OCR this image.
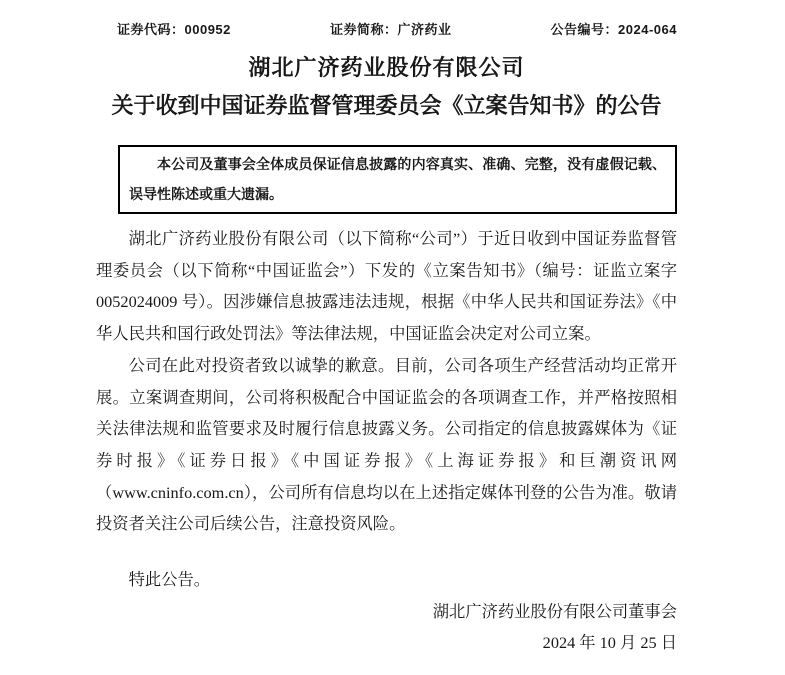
证券代码：000952	证券简称：广济药业	公告编号：2024-064
湖北广济药业股份有限公司
关于收到中国证券监督管理委员会《立案告知书》的公告

本公司及董事会全体成员保证信息披露的内容真实、准确、完整，没有虚假记载、误导性陈述或重大遗漏。

湖北广济药业股份有限公司（以下简称“公司”）于近日收到中国证券监督管理委员会（以下简称“中国证监会”）下发的《立案告知书》（编号：证监立案字 0052024009 号）。因涉嫌信息披露违法违规，根据《中华人民共和国证券法》《中华人民共和国行政处罚法》等法律法规，中国证监会决定对公司立案。

公司在此对投资者致以诚挚的歉意。目前，公司各项生产经营活动均正常开展。立案调查期间，公司将积极配合中国证监会的各项调查工作，并严格按照相关法律法规和监管要求及时履行信息披露义务。公司指定的信息披露媒体为《证券时报》《证券日报》《中国证券报》《上海证券报》和巨潮资讯网（www.cninfo.com.cn），公司所有信息均以在上述指定媒体刊登的公告为准。敬请投资者关注公司后续公告，注意投资风险。

特此公告。

湖北广济药业股份有限公司董事会

2024 年 10 月 25 日
